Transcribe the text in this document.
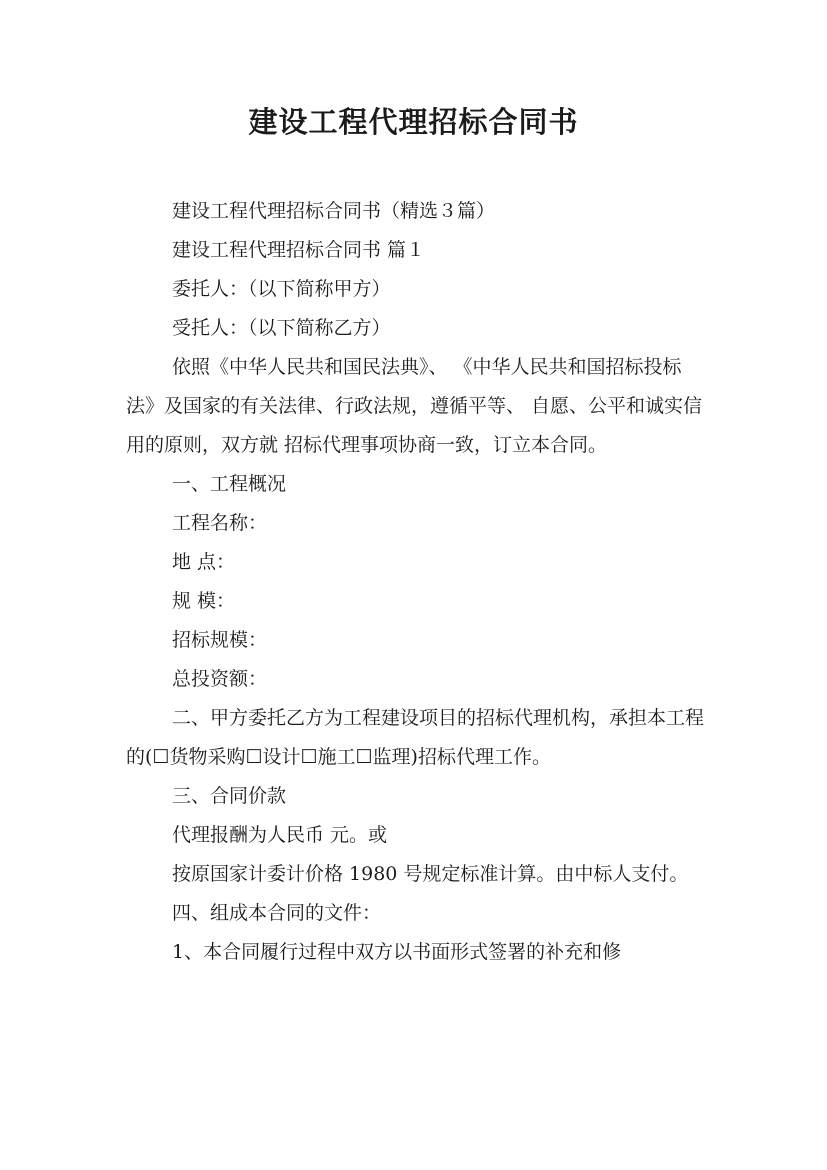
建设工程代理招标合同书

建设工程代理招标合同书（精选３篇）

建设工程代理招标合同书 篇１

委托人：（以下简称甲方）

受托人：（以下简称乙方）

依照《中华人民共和国民法典》、 《中华人民共和国招标投标法》及国家的有关法律、行政法规，遵循平等、 自愿、公平和诚实信用的原则，双方就 招标代理事项协商一致，订立本合同。

一、工程概况

工程名称：

地 点：

规 模：

招标规模：

总投资额：

二、甲方委托乙方为工程建设项目的招标代理机构，承担本工程的(☐货物采购☐设计☐施工☐监理)招标代理工作。

三、合同价款

代理报酬为人民币 元。或

按原国家计委计价格 1980 号规定标准计算。由中标人支付。

四、组成本合同的文件：

1、本合同履行过程中双方以书面形式签署的补充和修
